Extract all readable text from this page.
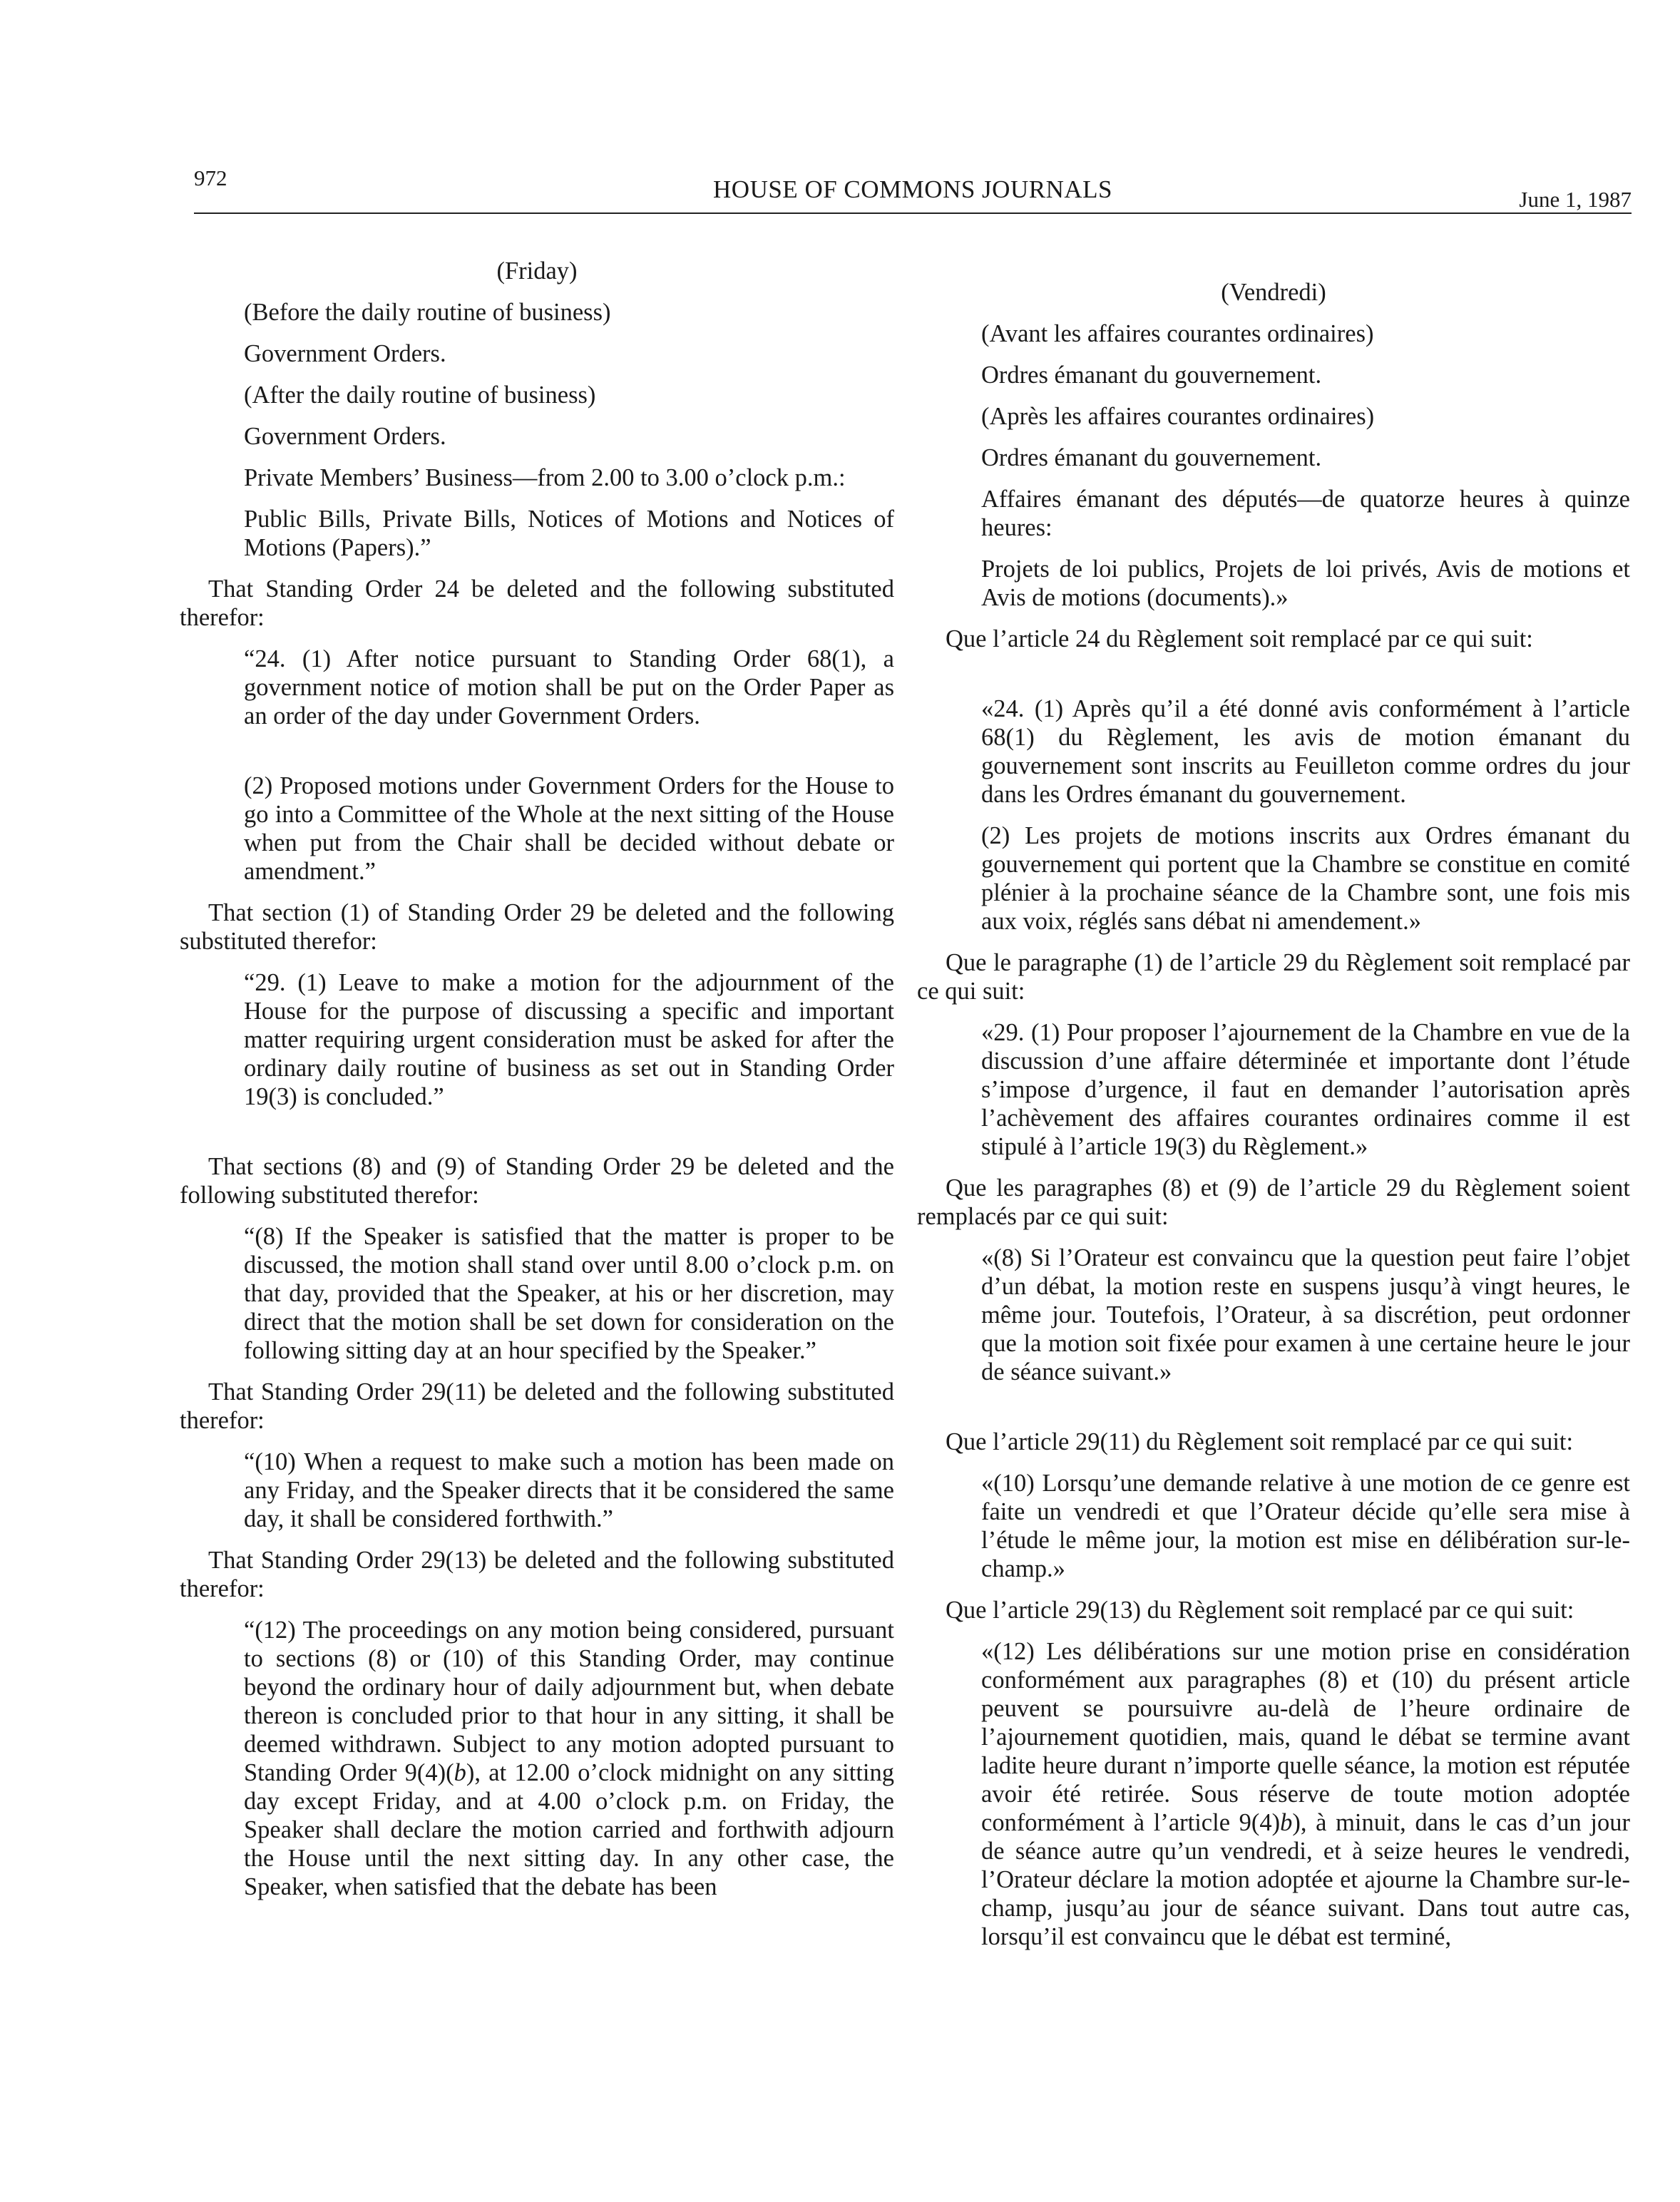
972	HOUSE OF COMMONS JOURNALS	June 1, 1987

(Friday)

(Before the daily routine of business)

Government Orders.

(After the daily routine of business)

Government Orders.

Private Members’ Business—from 2.00 to 3.00 o’clock p.m.:

Public Bills, Private Bills, Notices of Motions and Notices of Motions (Papers).”

That Standing Order 24 be deleted and the following substituted therefor:

“24. (1) After notice pursuant to Standing Order 68(1), a government notice of motion shall be put on the Order Paper as an order of the day under Government Orders.

(2) Proposed motions under Government Orders for the House to go into a Committee of the Whole at the next sitting of the House when put from the Chair shall be decided without debate or amendment.”

That section (1) of Standing Order 29 be deleted and the following substituted therefor:

“29. (1) Leave to make a motion for the adjournment of the House for the purpose of discussing a specific and important matter requiring urgent consideration must be asked for after the ordinary daily routine of business as set out in Standing Order 19(3) is concluded.”

That sections (8) and (9) of Standing Order 29 be deleted and the following substituted therefor:

“(8) If the Speaker is satisfied that the matter is proper to be discussed, the motion shall stand over until 8.00 o’clock p.m. on that day, provided that the Speaker, at his or her discretion, may direct that the motion shall be set down for consideration on the following sitting day at an hour specified by the Speaker.”

That Standing Order 29(11) be deleted and the following substituted therefor:

“(10) When a request to make such a motion has been made on any Friday, and the Speaker directs that it be considered the same day, it shall be considered forthwith.”

That Standing Order 29(13) be deleted and the following substituted therefor:

“(12) The proceedings on any motion being considered, pursuant to sections (8) or (10) of this Standing Order, may continue beyond the ordinary hour of daily adjournment but, when debate thereon is concluded prior to that hour in any sitting, it shall be deemed withdrawn. Subject to any motion adopted pursuant to Standing Order 9(4)(b), at 12.00 o’clock midnight on any sitting day except Friday, and at 4.00 o’clock p.m. on Friday, the Speaker shall declare the motion carried and forthwith adjourn the House until the next sitting day. In any other case, the Speaker, when satisfied that the debate has been

(Vendredi)

(Avant les affaires courantes ordinaires)

Ordres émanant du gouvernement.

(Après les affaires courantes ordinaires)

Ordres émanant du gouvernement.

Affaires émanant des députés—de quatorze heures à quinze heures:

Projets de loi publics, Projets de loi privés, Avis de motions et Avis de motions (documents).»

Que l’article 24 du Règlement soit remplacé par ce qui suit:

«24. (1) Après qu’il a été donné avis conformément à l’article 68(1) du Règlement, les avis de motion émanant du gouvernement sont inscrits au Feuilleton comme ordres du jour dans les Ordres émanant du gouvernement.

(2) Les projets de motions inscrits aux Ordres émanant du gouvernement qui portent que la Chambre se constitue en comité plénier à la prochaine séance de la Chambre sont, une fois mis aux voix, réglés sans débat ni amendement.»

Que le paragraphe (1) de l’article 29 du Règlement soit remplacé par ce qui suit:

«29. (1) Pour proposer l’ajournement de la Chambre en vue de la discussion d’une affaire déterminée et importante dont l’étude s’impose d’urgence, il faut en demander l’autorisation après l’achèvement des affaires courantes ordinaires comme il est stipulé à l’article 19(3) du Règlement.»

Que les paragraphes (8) et (9) de l’article 29 du Règlement soient remplacés par ce qui suit:

«(8) Si l’Orateur est convaincu que la question peut faire l’objet d’un débat, la motion reste en suspens jusqu’à vingt heures, le même jour. Toutefois, l’Orateur, à sa discrétion, peut ordonner que la motion soit fixée pour examen à une certaine heure le jour de séance suivant.»

Que l’article 29(11) du Règlement soit remplacé par ce qui suit:

«(10) Lorsqu’une demande relative à une motion de ce genre est faite un vendredi et que l’Orateur décide qu’elle sera mise à l’étude le même jour, la motion est mise en délibération sur-le-champ.»

Que l’article 29(13) du Règlement soit remplacé par ce qui suit:

«(12) Les délibérations sur une motion prise en considération conformément aux paragraphes (8) et (10) du présent article peuvent se poursuivre au-delà de l’heure ordinaire de l’ajournement quotidien, mais, quand le débat se termine avant ladite heure durant n’importe quelle séance, la motion est réputée avoir été retirée. Sous réserve de toute motion adoptée conformément à l’article 9(4)b), à minuit, dans le cas d’un jour de séance autre qu’un vendredi, et à seize heures le vendredi, l’Orateur déclare la motion adoptée et ajourne la Chambre sur-le-champ, jusqu’au jour de séance suivant. Dans tout autre cas, lorsqu’il est convaincu que le débat est terminé,
